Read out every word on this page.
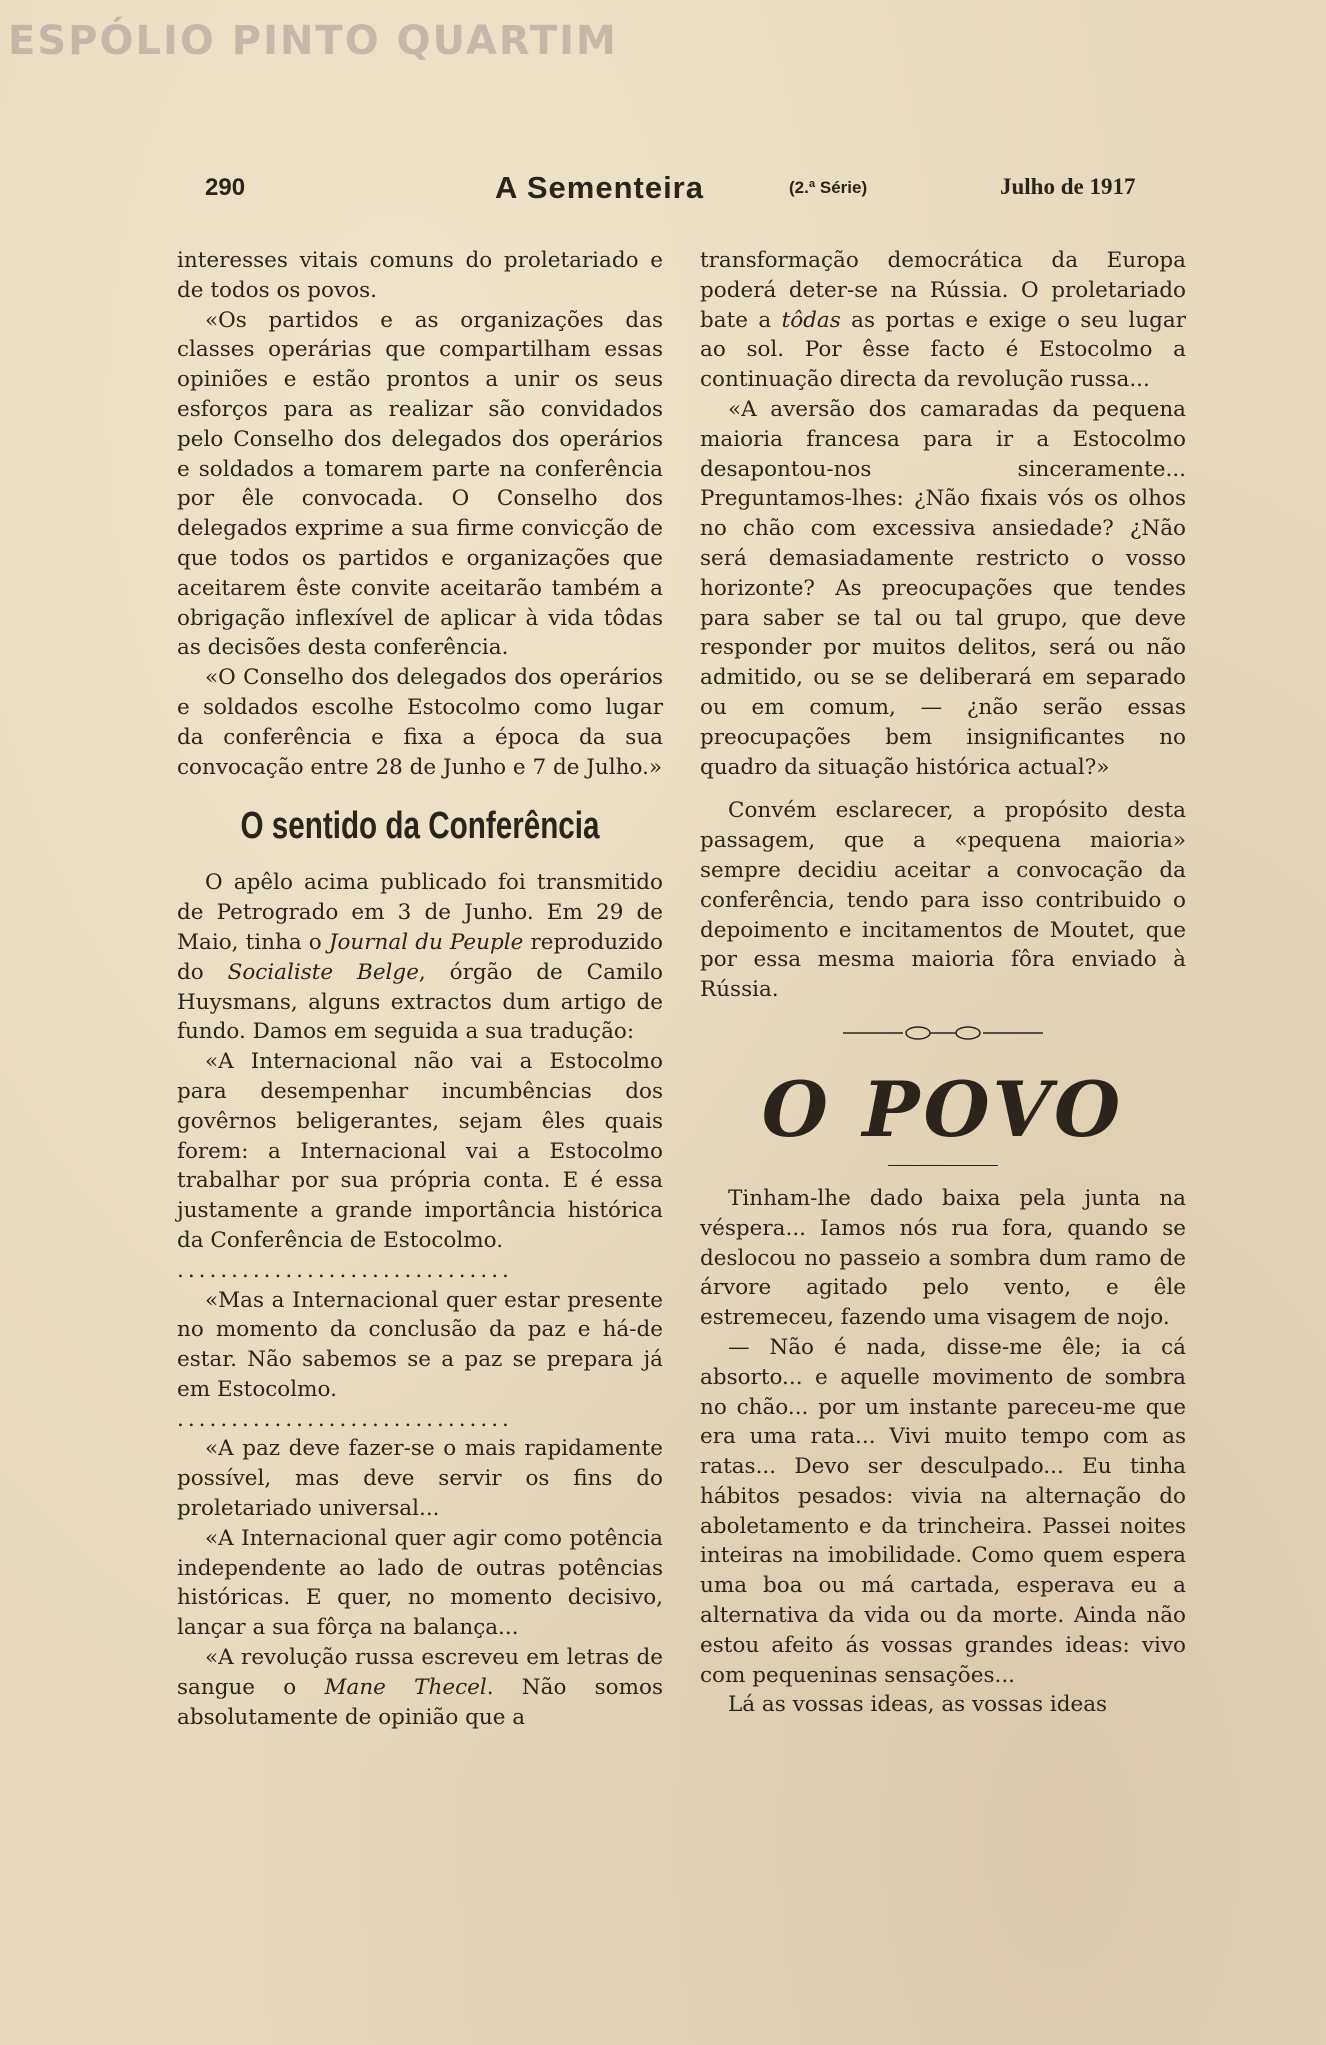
ESPÓLIO PINTO QUARTIM
290	A Sementeira	(2.ª Série)	Julho de 1917

interesses vitais comuns do proletariado e de todos os povos.

«Os partidos e as organizações das classes operárias que compartilham essas opiniões e estão prontos a unir os seus esforços para as realizar são convidados pelo Conselho dos delegados dos operários e soldados a tomarem parte na conferência por êle convocada. O Conselho dos delegados exprime a sua firme convicção de que todos os partidos e organizações que aceitarem êste convite aceitarão também a obrigação inflexível de aplicar à vida tôdas as decisões desta conferência.

«O Conselho dos delegados dos operários e soldados escolhe Estocolmo como lugar da conferência e fixa a época da sua convocação entre 28 de Junho e 7 de Julho.»

O sentido da Conferência

O apêlo acima publicado foi transmitido de Petrogrado em 3 de Junho. Em 29 de Maio, tinha o Journal du Peuple reproduzido do Socialiste Belge, órgão de Camilo Huysmans, alguns extractos dum artigo de fundo. Damos em seguida a sua tradução:

«A Internacional não vai a Estocolmo para desempenhar incumbências dos govêrnos beligerantes, sejam êles quais forem: a Internacional vai a Estocolmo trabalhar por sua própria conta. E é essa justamente a grande importância histórica da Conferência de Estocolmo.

...............................

«Mas a Internacional quer estar presente no momento da conclusão da paz e há-de estar. Não sabemos se a paz se prepara já em Estocolmo.

...............................

«A paz deve fazer-se o mais rapidamente possível, mas deve servir os fins do proletariado universal...

«A Internacional quer agir como potência independente ao lado de outras potências históricas. E quer, no momento decisivo, lançar a sua fôrça na balança...

«A revolução russa escreveu em letras de sangue o Mane Thecel. Não somos absolutamente de opinião que a

transformação democrática da Europa poderá deter-se na Rússia. O proletariado bate a tôdas as portas e exige o seu lugar ao sol. Por êsse facto é Estocolmo a continuação directa da revolução russa...

«A aversão dos camaradas da pequena maioria francesa para ir a Estocolmo desapontou-nos sinceramente... Preguntamos-lhes: ¿Não fixais vós os olhos no chão com excessiva ansiedade? ¿Não será demasiadamente restricto o vosso horizonte? As preocupações que tendes para saber se tal ou tal grupo, que deve responder por muitos delitos, será ou não admitido, ou se se deliberará em separado ou em comum, — ¿não serão essas preocupações bem insignificantes no quadro da situação histórica actual?»

Convém esclarecer, a propósito desta passagem, que a «pequena maioria» sempre decidiu aceitar a convocação da conferência, tendo para isso contribuido o depoimento e incitamentos de Moutet, que por essa mesma maioria fôra enviado à Rússia.

O POVO

Tinham-lhe dado baixa pela junta na véspera... Iamos nós rua fora, quando se deslocou no passeio a sombra dum ramo de árvore agitado pelo vento, e êle estremeceu, fazendo uma visagem de nojo.

— Não é nada, disse-me êle; ia cá absorto... e aquelle movimento de sombra no chão... por um instante pareceu-me que era uma rata... Vivi muito tempo com as ratas... Devo ser desculpado... Eu tinha hábitos pesados: vivia na alternação do aboletamento e da trincheira. Passei noites inteiras na imobilidade. Como quem espera uma boa ou má cartada, esperava eu a alternativa da vida ou da morte. Ainda não estou afeito ás vossas grandes ideas: vivo com pequeninas sensações...

Lá as vossas ideas, as vossas ideas
